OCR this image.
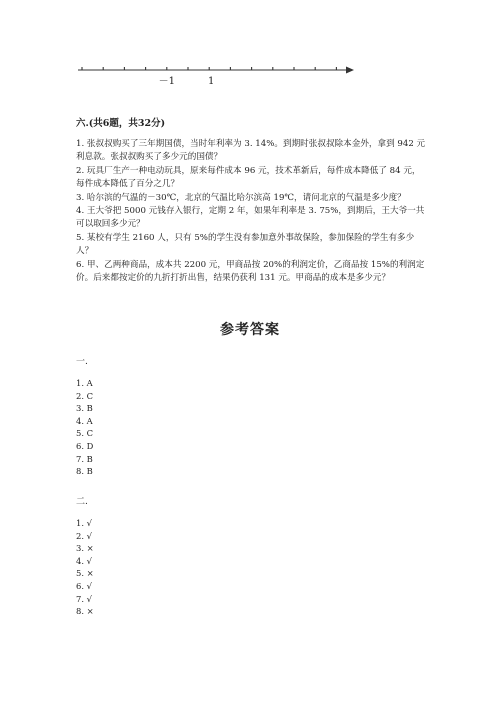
－1	1
六.(共6题，共32分)

1. 张叔叔购买了三年期国债，当时年利率为 3. 14%。到期时张叔叔除本金外，拿到 942 元利息款。张叔叔购买了多少元的国债？

2. 玩具厂生产一种电动玩具，原来每件成本 96 元，技术革新后，每件成本降低了 84 元，每件成本降低了百分之几？

3. 哈尔滨的气温的－30℃，北京的气温比哈尔滨高 19℃，请问北京的气温是多少度？

4. 王大爷把 5000 元钱存入银行，定期 2 年，如果年利率是 3. 75%，到期后，王大爷一共可以取回多少元？

5. 某校有学生 2160 人，只有 5%的学生没有参加意外事故保险，参加保险的学生有多少人？

6. 甲、乙两种商品，成本共 2200 元，甲商品按 20%的利润定价，乙商品按 15%的利润定价。后来都按定价的九折打折出售，结果仍获利 131 元。甲商品的成本是多少元？

参考答案
一.

1. A

2. C

3. B

4. A

5. C

6. D

7. B

8. B

二.

1. √

2. √

3. ×

4. √

5. ×

6. √

7. √

8. ×
